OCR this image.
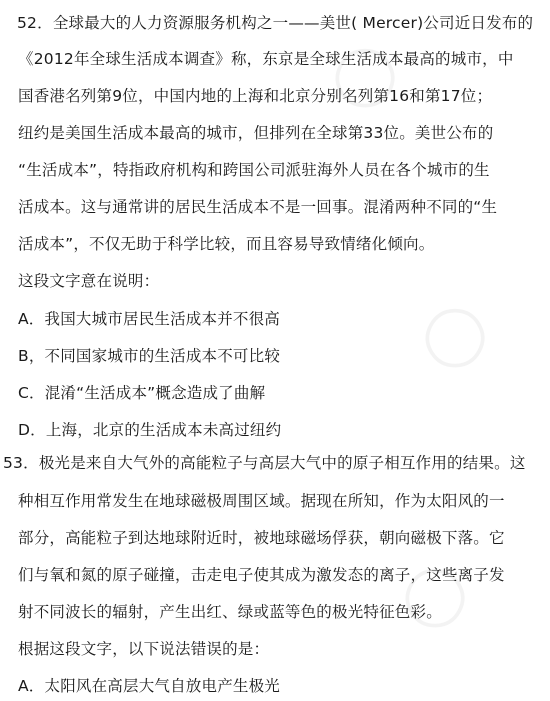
◯
◯
◯
52．全球最大的人力资源服务机构之一——美世( Mercer)公司近日发布的
《2012年全球生活成本调查》称，东京是全球生活成本最高的城市，中
国香港名列第9位，中国内地的上海和北京分别名列第16和第17位；
纽约是美国生活成本最高的城市，但排列在全球第33位。美世公布的
“生活成本”，特指政府机构和跨国公司派驻海外人员在各个城市的生
活成本。这与通常讲的居民生活成本不是一回事。混淆两种不同的“生
活成本”，不仅无助于科学比较，而且容易导致情绪化倾向。
这段文字意在说明：
A．我国大城市居民生活成本并不很高
B，不同国家城市的生活成本不可比较
C．混淆“生活成本”概念造成了曲解
D．上海，北京的生活成本未高过纽约
53．极光是来自大气外的高能粒子与高层大气中的原子相互作用的结果。这
种相互作用常发生在地球磁极周围区域。据现在所知，作为太阳风的一
部分，高能粒子到达地球附近时，被地球磁场俘获，朝向磁极下落。它
们与氧和氮的原子碰撞，击走电子使其成为激发态的离子，这些离子发
射不同波长的辐射，产生出红、绿或蓝等色的极光特征色彩。
根据这段文字，以下说法错误的是：
A．太阳风在高层大气自放电产生极光
